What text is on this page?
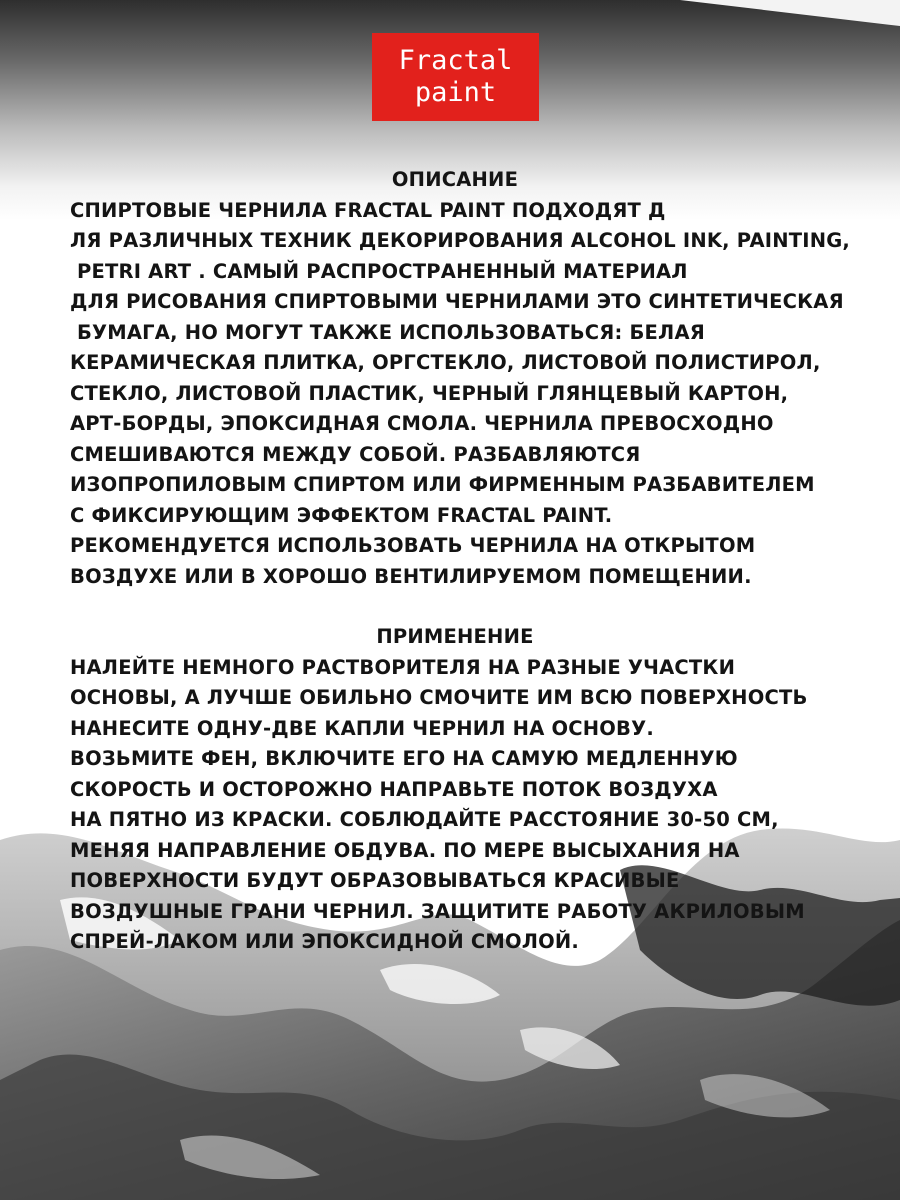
Fractal
paint
ОПИСАНИЕ
СПИРТОВЫЕ ЧЕРНИЛА FRACTAL PAINT ПОДХОДЯТ Д
ЛЯ РАЗЛИЧНЫХ ТЕХНИК ДЕКОРИРОВАНИЯ ALCOHOL INK, PAINTING,
PETRI ART . САМЫЙ РАСПРОСТРАНЕННЫЙ МАТЕРИАЛ
ДЛЯ РИСОВАНИЯ СПИРТОВЫМИ ЧЕРНИЛАМИ ЭТО СИНТЕТИЧЕСКАЯ
БУМАГА, НО МОГУТ ТАКЖЕ ИСПОЛЬЗОВАТЬСЯ: БЕЛАЯ
КЕРАМИЧЕСКАЯ ПЛИТКА, ОРГСТЕКЛО, ЛИСТОВОЙ ПОЛИСТИРОЛ,
СТЕКЛО, ЛИСТОВОЙ ПЛАСТИК, ЧЕРНЫЙ ГЛЯНЦЕВЫЙ КАРТОН,
АРТ-БОРДЫ, ЭПОКСИДНАЯ СМОЛА. ЧЕРНИЛА ПРЕВОСХОДНО
СМЕШИВАЮТСЯ МЕЖДУ СОБОЙ. РАЗБАВЛЯЮТСЯ
ИЗОПРОПИЛОВЫМ СПИРТОМ ИЛИ ФИРМЕННЫМ РАЗБАВИТЕЛЕМ
С ФИКСИРУЮЩИМ ЭФФЕКТОМ FRACTAL PAINT.
РЕКОМЕНДУЕТСЯ ИСПОЛЬЗОВАТЬ ЧЕРНИЛА НА ОТКРЫТОМ
ВОЗДУХЕ ИЛИ В ХОРОШО ВЕНТИЛИРУЕМОМ ПОМЕЩЕНИИ.
ПРИМЕНЕНИЕ
НАЛЕЙТЕ НЕМНОГО РАСТВОРИТЕЛЯ НА РАЗНЫЕ УЧАСТКИ
ОСНОВЫ, А ЛУЧШЕ ОБИЛЬНО СМОЧИТЕ ИМ ВСЮ ПОВЕРХНОСТЬ
НАНЕСИТЕ ОДНУ-ДВЕ КАПЛИ ЧЕРНИЛ НА ОСНОВУ.
ВОЗЬМИТЕ ФЕН, ВКЛЮЧИТЕ ЕГО НА САМУЮ МЕДЛЕННУЮ
СКОРОСТЬ И ОСТОРОЖНО НАПРАВЬТЕ ПОТОК ВОЗДУХА
НА ПЯТНО ИЗ КРАСКИ. СОБЛЮДАЙТЕ РАССТОЯНИЕ 30-50 СМ,
МЕНЯЯ НАПРАВЛЕНИЕ ОБДУВА. ПО МЕРЕ ВЫСЫХАНИЯ НА
ПОВЕРХНОСТИ БУДУТ ОБРАЗОВЫВАТЬСЯ КРАСИВЫЕ
ВОЗДУШНЫЕ ГРАНИ ЧЕРНИЛ. ЗАЩИТИТЕ РАБОТУ АКРИЛОВЫМ
СПРЕЙ-ЛАКОМ ИЛИ ЭПОКСИДНОЙ СМОЛОЙ.
